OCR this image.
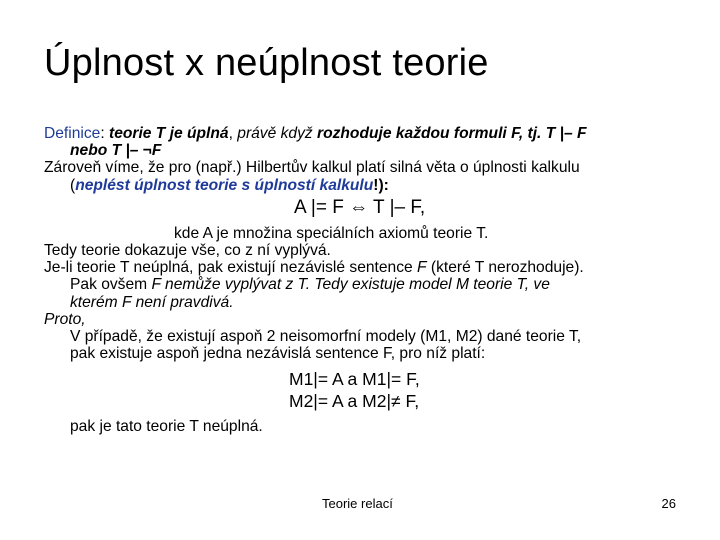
Úplnost x neúplnost teorie

Definice: teorie T je úplná, právě když rozhoduje každou formuli F, tj. T |– F
nebo T |– ¬F

Zároveň víme, že pro (např.) Hilbertův kalkul platí silná věta o úplnosti kalkulu
(neplést úplnost teorie s úplností kalkulu!):

A |= F ⇔ T |– F,

kde A je množina speciálních axiomů teorie T.

Tedy teorie dokazuje vše, co z ní vyplývá.

Je-li teorie T neúplná, pak existují nezávislé sentence F (které T nerozhoduje).
Pak ovšem F nemůže vyplývat z T. Tedy existuje model M teorie T, ve
kterém F není pravdivá.

Proto,

V případě, že existují aspoň 2 neisomorfní modely (M1, M2) dané teorie T,

pak existuje aspoň jedna nezávislá sentence F, pro níž platí:

M1|= A a M1|= F,

M2|= A a M2|≠ F,

pak je tato teorie T neúplná.

Teorie relací	26
